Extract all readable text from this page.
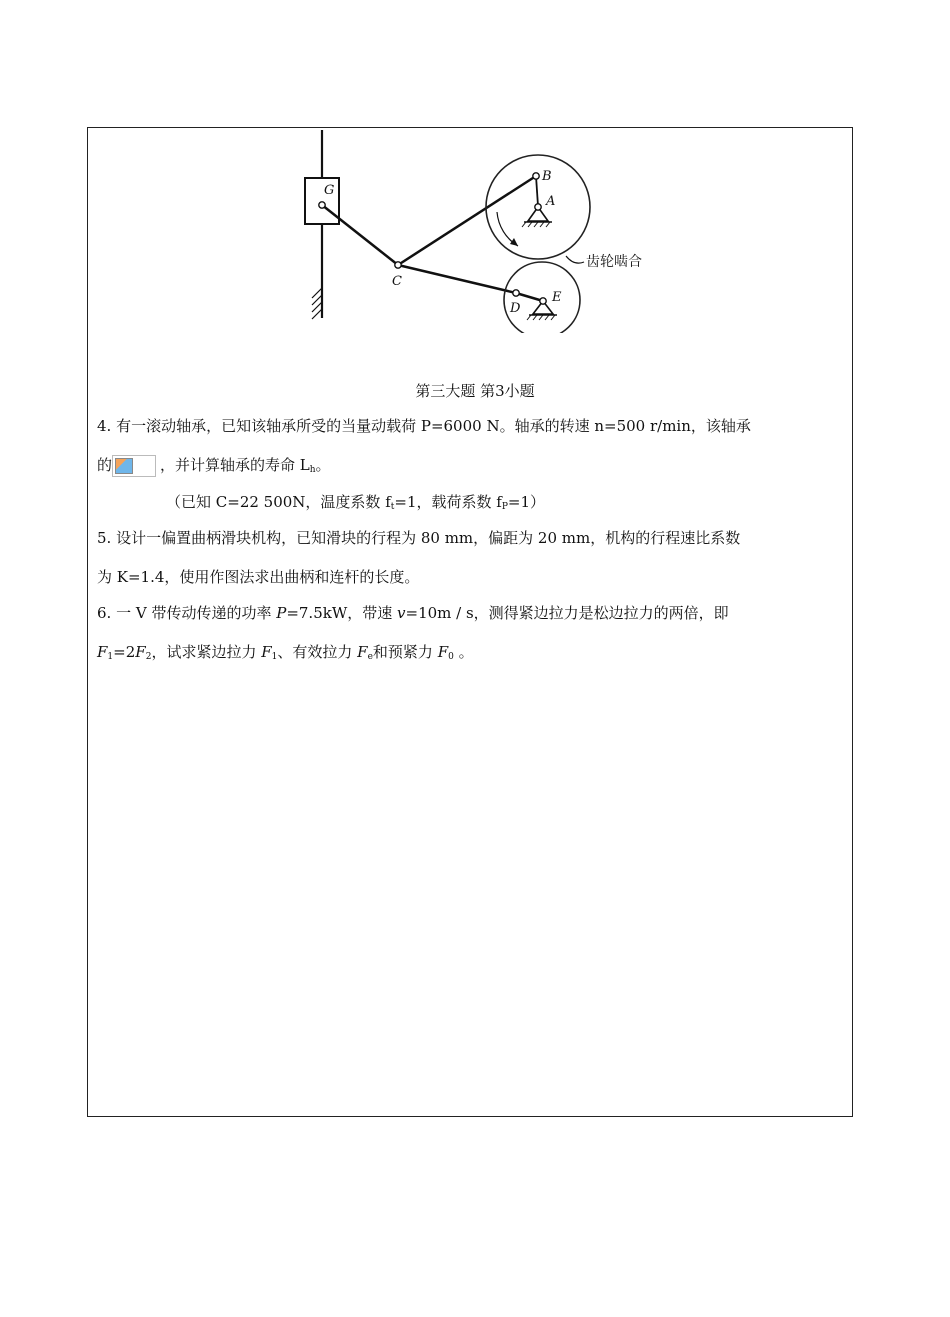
G
B
A
C
D
E
齿轮啮合
第三大题 第3小题
4. 有一滚动轴承，已知该轴承所受的当量动载荷 P=6000 N。轴承的转速 n=500 r/min，该轴承
的	，并计算轴承的寿命 $L_h$。
（已知 C=22 500N，温度系数 $f_t=1$，载荷系数 $f_P=1$）
5. 设计一偏置曲柄滑块机构，已知滑块的行程为 80 mm，偏距为 20 mm，机构的行程速比系数
为 K=1.4，使用作图法求出曲柄和连杆的长度。
6. 一 V 带传动传递的功率 P=7.5kW，带速 v=10m / s，测得紧边拉力是松边拉力的两倍，即
$F_1=2F_2$，试求紧边拉力 $F_1$、有效拉力 $F_e$和预紧力 $F_0$ 。
